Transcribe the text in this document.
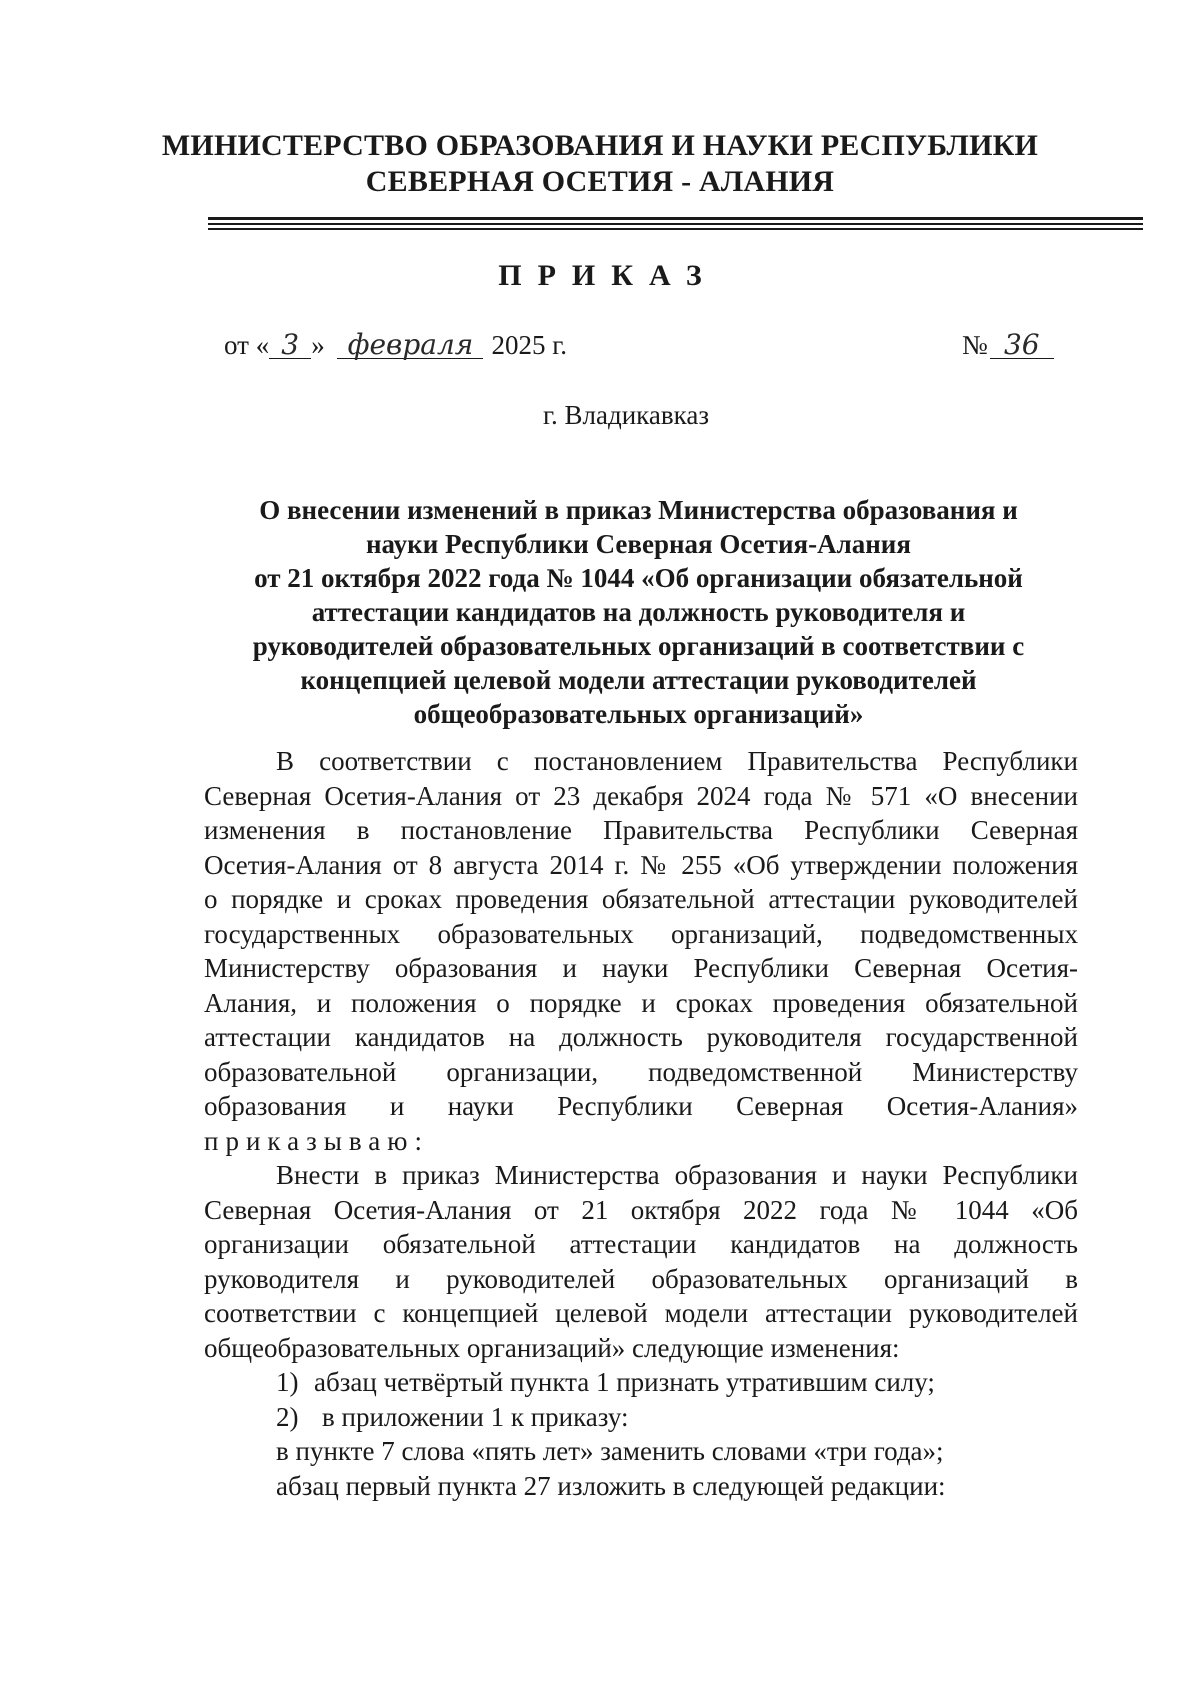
МИНИСТЕРСТВО ОБРАЗОВАНИЯ И НАУКИ РЕСПУБЛИКИ
СЕВЕРНАЯ ОСЕТИЯ - АЛАНИЯ
ПРИКАЗ
от « 3 » февраля 2025 г.	№ 36
г. Владикавказ
О внесении изменений в приказ Министерства образования и
науки Республики Северная Осетия-Алания
от 21 октября 2022 года № 1044 «Об организации обязательной
аттестации кандидатов на должность руководителя и
руководителей образовательных организаций в соответствии с
концепцией целевой модели аттестации руководителей
общеобразовательных организаций»
В соответствии с постановлением Правительства Республики
Северная Осетия-Алания от 23 декабря 2024 года № 571 «О внесении
изменения в постановление Правительства Республики Северная
Осетия-Алания от 8 августа 2014 г. № 255 «Об утверждении положения
о порядке и сроках проведения обязательной аттестации руководителей
государственных образовательных организаций, подведомственных
Министерству образования и науки Республики Северная Осетия-
Алания, и положения о порядке и сроках проведения обязательной
аттестации кандидатов на должность руководителя государственной
образовательной организации, подведомственной Министерству
образования и науки Республики Северная Осетия-Алания»
приказываю:
Внести в приказ Министерства образования и науки Республики
Северная Осетия-Алания от 21 октября 2022 года № 1044 «Об
организации обязательной аттестации кандидатов на должность
руководителя и руководителей образовательных организаций в
соответствии с концепцией целевой модели аттестации руководителей
общеобразовательных организаций» следующие изменения:
1) абзац четвёртый пункта 1 признать утратившим силу;
2) в приложении 1 к приказу:
в пункте 7 слова «пять лет» заменить словами «три года»;
абзац первый пункта 27 изложить в следующей редакции:
